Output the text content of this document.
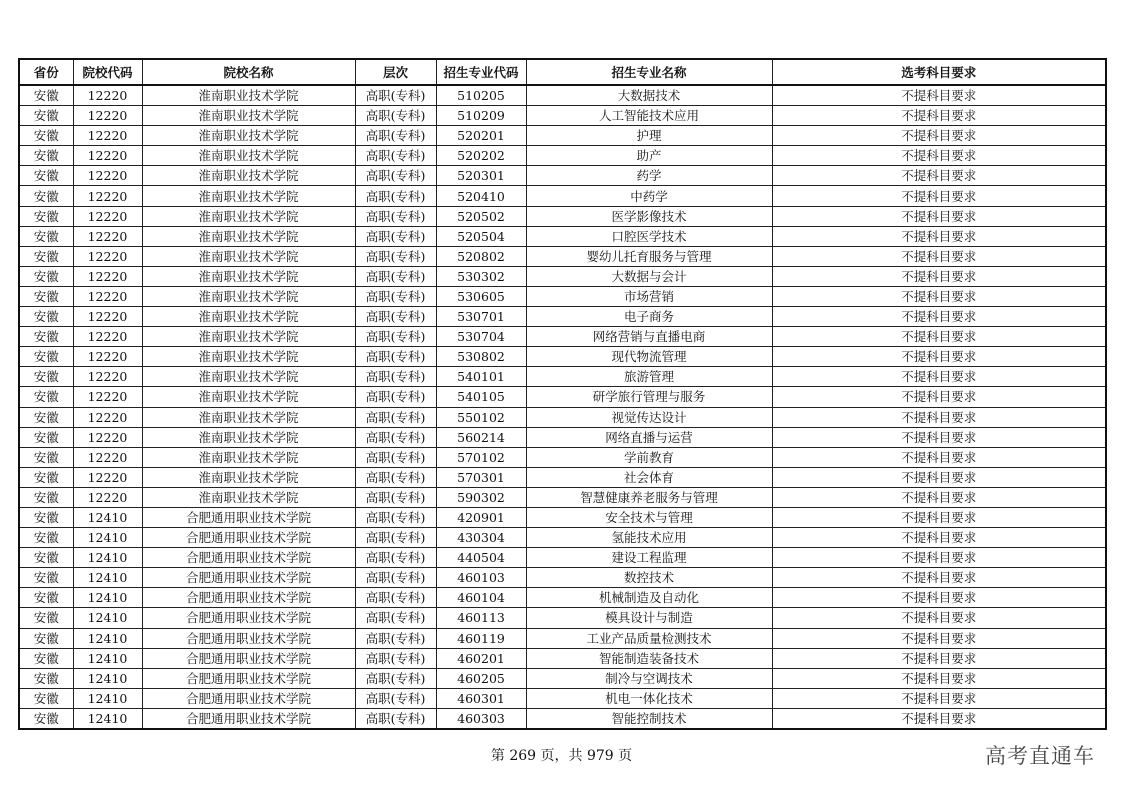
省份	院校代码	院校名称	层次	招生专业代码	招生专业名称	选考科目要求
安徽	12220	淮南职业技术学院	高职(专科)	510205	大数据技术	不提科目要求
安徽	12220	淮南职业技术学院	高职(专科)	510209	人工智能技术应用	不提科目要求
安徽	12220	淮南职业技术学院	高职(专科)	520201	护理	不提科目要求
安徽	12220	淮南职业技术学院	高职(专科)	520202	助产	不提科目要求
安徽	12220	淮南职业技术学院	高职(专科)	520301	药学	不提科目要求
安徽	12220	淮南职业技术学院	高职(专科)	520410	中药学	不提科目要求
安徽	12220	淮南职业技术学院	高职(专科)	520502	医学影像技术	不提科目要求
安徽	12220	淮南职业技术学院	高职(专科)	520504	口腔医学技术	不提科目要求
安徽	12220	淮南职业技术学院	高职(专科)	520802	婴幼儿托育服务与管理	不提科目要求
安徽	12220	淮南职业技术学院	高职(专科)	530302	大数据与会计	不提科目要求
安徽	12220	淮南职业技术学院	高职(专科)	530605	市场营销	不提科目要求
安徽	12220	淮南职业技术学院	高职(专科)	530701	电子商务	不提科目要求
安徽	12220	淮南职业技术学院	高职(专科)	530704	网络营销与直播电商	不提科目要求
安徽	12220	淮南职业技术学院	高职(专科)	530802	现代物流管理	不提科目要求
安徽	12220	淮南职业技术学院	高职(专科)	540101	旅游管理	不提科目要求
安徽	12220	淮南职业技术学院	高职(专科)	540105	研学旅行管理与服务	不提科目要求
安徽	12220	淮南职业技术学院	高职(专科)	550102	视觉传达设计	不提科目要求
安徽	12220	淮南职业技术学院	高职(专科)	560214	网络直播与运营	不提科目要求
安徽	12220	淮南职业技术学院	高职(专科)	570102	学前教育	不提科目要求
安徽	12220	淮南职业技术学院	高职(专科)	570301	社会体育	不提科目要求
安徽	12220	淮南职业技术学院	高职(专科)	590302	智慧健康养老服务与管理	不提科目要求
安徽	12410	合肥通用职业技术学院	高职(专科)	420901	安全技术与管理	不提科目要求
安徽	12410	合肥通用职业技术学院	高职(专科)	430304	氢能技术应用	不提科目要求
安徽	12410	合肥通用职业技术学院	高职(专科)	440504	建设工程监理	不提科目要求
安徽	12410	合肥通用职业技术学院	高职(专科)	460103	数控技术	不提科目要求
安徽	12410	合肥通用职业技术学院	高职(专科)	460104	机械制造及自动化	不提科目要求
安徽	12410	合肥通用职业技术学院	高职(专科)	460113	模具设计与制造	不提科目要求
安徽	12410	合肥通用职业技术学院	高职(专科)	460119	工业产品质量检测技术	不提科目要求
安徽	12410	合肥通用职业技术学院	高职(专科)	460201	智能制造装备技术	不提科目要求
安徽	12410	合肥通用职业技术学院	高职(专科)	460205	制冷与空调技术	不提科目要求
安徽	12410	合肥通用职业技术学院	高职(专科)	460301	机电一体化技术	不提科目要求
安徽	12410	合肥通用职业技术学院	高职(专科)	460303	智能控制技术	不提科目要求
第 269 页，共 979 页	高考直通车
